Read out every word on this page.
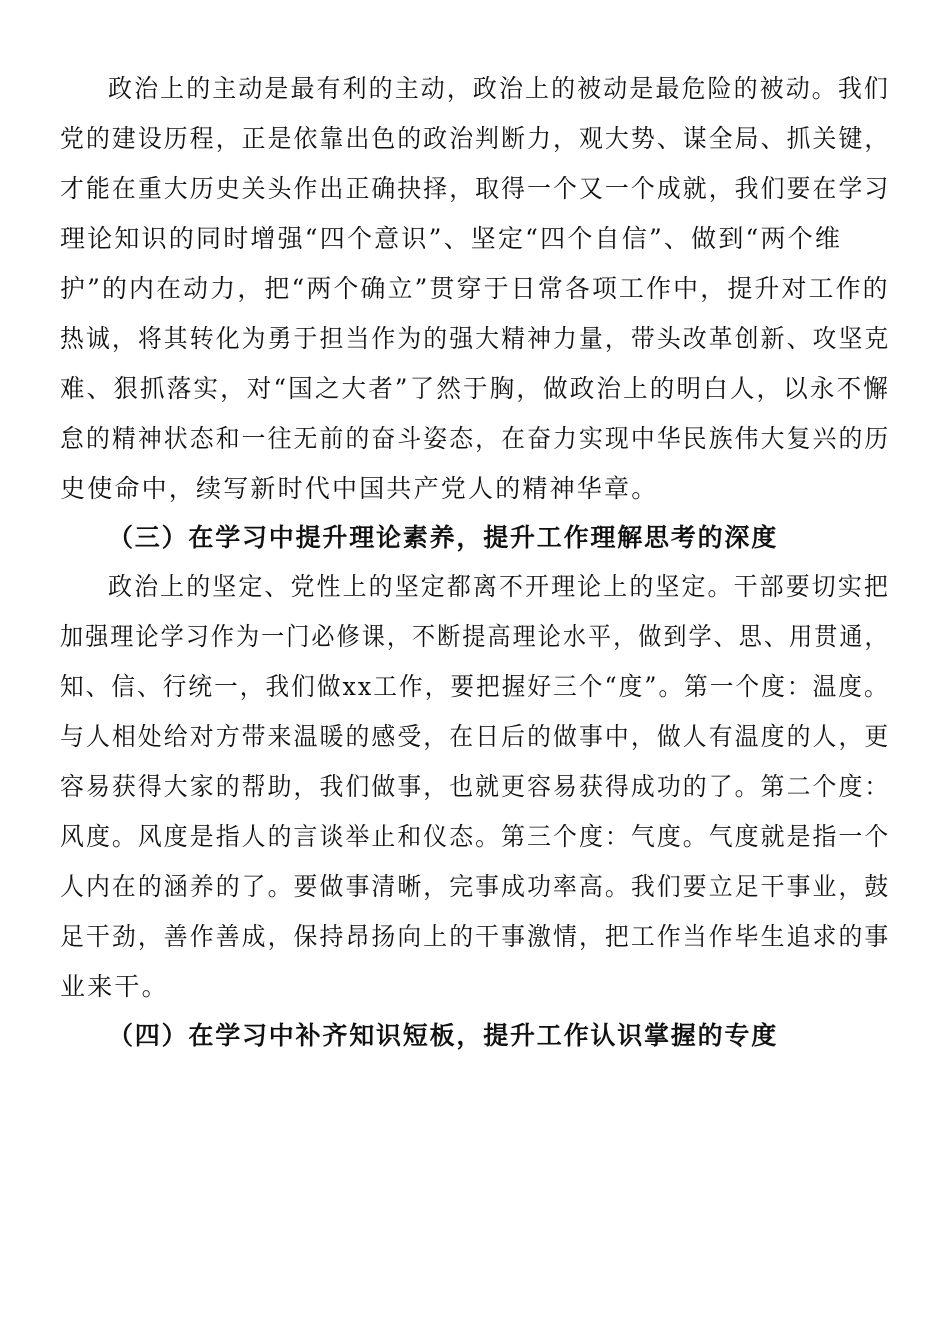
政治上的主动是最有利的主动，政治上的被动是最危险的被动。我们
党的建设历程，正是依靠出色的政治判断力，观大势、谋全局、抓关键，
才能在重大历史关头作出正确抉择，取得一个又一个成就，我们要在学习
理论知识的同时增强“四个意识”、坚定“四个自信”、做到“两个维
护”的内在动力，把“两个确立”贯穿于日常各项工作中，提升对工作的
热诚，将其转化为勇于担当作为的强大精神力量，带头改革创新、攻坚克
难、狠抓落实，对“国之大者”了然于胸，做政治上的明白人，以永不懈
怠的精神状态和一往无前的奋斗姿态，在奋力实现中华民族伟大复兴的历
史使命中，续写新时代中国共产党人的精神华章。
（三）在学习中提升理论素养，提升工作理解思考的深度
政治上的坚定、党性上的坚定都离不开理论上的坚定。干部要切实把
加强理论学习作为一门必修课，不断提高理论水平，做到学、思、用贯通，
知、信、行统一，我们做xx工作，要把握好三个“度”。第一个度：温度。
与人相处给对方带来温暖的感受，在日后的做事中，做人有温度的人，更
容易获得大家的帮助，我们做事，也就更容易获得成功的了。第二个度：
风度。风度是指人的言谈举止和仪态。第三个度：气度。气度就是指一个
人内在的涵养的了。要做事清晰，完事成功率高。我们要立足干事业，鼓
足干劲，善作善成，保持昂扬向上的干事激情，把工作当作毕生追求的事
业来干。
（四）在学习中补齐知识短板，提升工作认识掌握的专度
